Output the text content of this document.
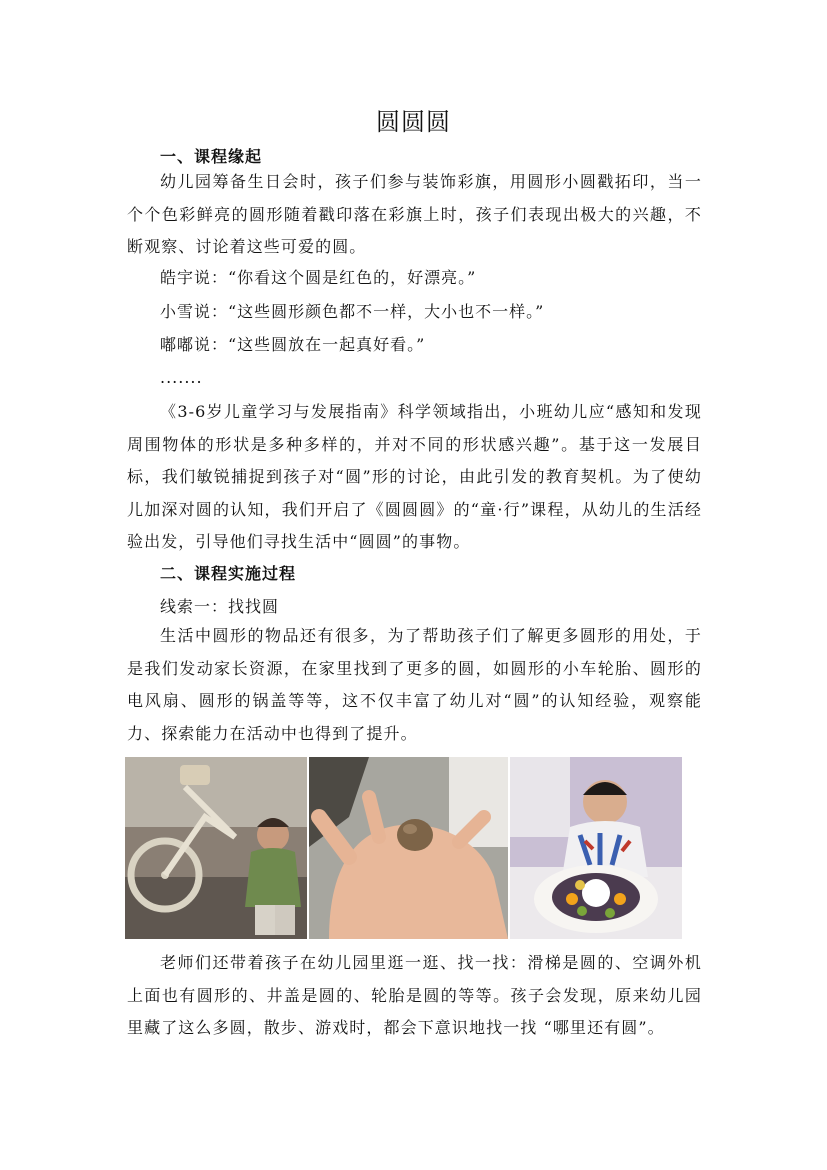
圆圆圆
一、课程缘起

幼儿园筹备生日会时，孩子们参与装饰彩旗，用圆形小圆戳拓印，当一个个色彩鲜亮的圆形随着戳印落在彩旗上时，孩子们表现出极大的兴趣，不断观察、讨论着这些可爱的圆。

皓宇说：“你看这个圆是红色的，好漂亮。”
小雪说：“这些圆形颜色都不一样，大小也不一样。”
嘟嘟说：“这些圆放在一起真好看。”
.......

《3-6岁儿童学习与发展指南》科学领域指出，小班幼儿应“感知和发现周围物体的形状是多种多样的，并对不同的形状感兴趣”。基于这一发展目标，我们敏锐捕捉到孩子对“圆”形的讨论，由此引发的教育契机。为了使幼儿加深对圆的认知，我们开启了《圆圆圆》的“童·行”课程，从幼儿的生活经验出发，引导他们寻找生活中“圆圆”的事物。

二、课程实施过程
线索一：找找圆

生活中圆形的物品还有很多，为了帮助孩子们了解更多圆形的用处，于是我们发动家长资源，在家里找到了更多的圆，如圆形的小车轮胎、圆形的电风扇、圆形的锅盖等等，这不仅丰富了幼儿对“圆”的认知经验，观察能力、探索能力在活动中也得到了提升。

老师们还带着孩子在幼儿园里逛一逛、找一找：滑梯是圆的、空调外机上面也有圆形的、井盖是圆的、轮胎是圆的等等。孩子会发现，原来幼儿园里藏了这么多圆，散步、游戏时，都会下意识地找一找 “哪里还有圆”。
